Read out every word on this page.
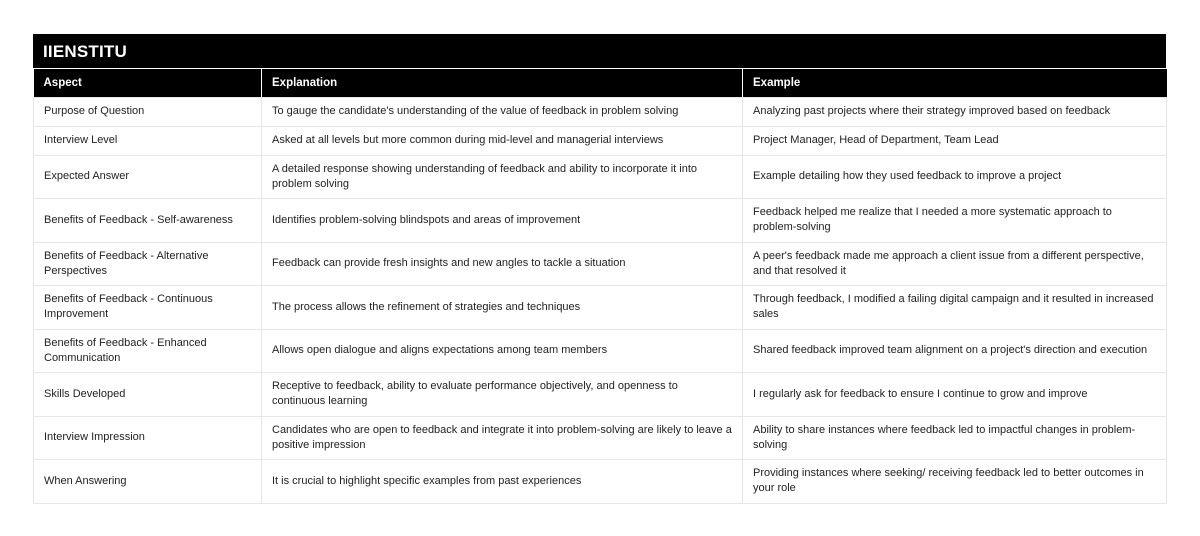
IIENSTITU
Aspect	Explanation	Example
Purpose of Question	To gauge the candidate's understanding of the value of feedback in problem solving	Analyzing past projects where their strategy improved based on feedback
Interview Level	Asked at all levels but more common during mid-level and managerial interviews	Project Manager, Head of Department, Team Lead
Expected Answer	A detailed response showing understanding of feedback and ability to incorporate it into problem solving	Example detailing how they used feedback to improve a project
Benefits of Feedback - Self-awareness	Identifies problem-solving blindspots and areas of improvement	Feedback helped me realize that I needed a more systematic approach to problem-solving
Benefits of Feedback - Alternative Perspectives	Feedback can provide fresh insights and new angles to tackle a situation	A peer's feedback made me approach a client issue from a different perspective, and that resolved it
Benefits of Feedback - Continuous Improvement	The process allows the refinement of strategies and techniques	Through feedback, I modified a failing digital campaign and it resulted in increased sales
Benefits of Feedback - Enhanced Communication	Allows open dialogue and aligns expectations among team members	Shared feedback improved team alignment on a project's direction and execution
Skills Developed	Receptive to feedback, ability to evaluate performance objectively, and openness to continuous learning	I regularly ask for feedback to ensure I continue to grow and improve
Interview Impression	Candidates who are open to feedback and integrate it into problem-solving are likely to leave a positive impression	Ability to share instances where feedback led to impactful changes in problem-solving
When Answering	It is crucial to highlight specific examples from past experiences	Providing instances where seeking/ receiving feedback led to better outcomes in your role
